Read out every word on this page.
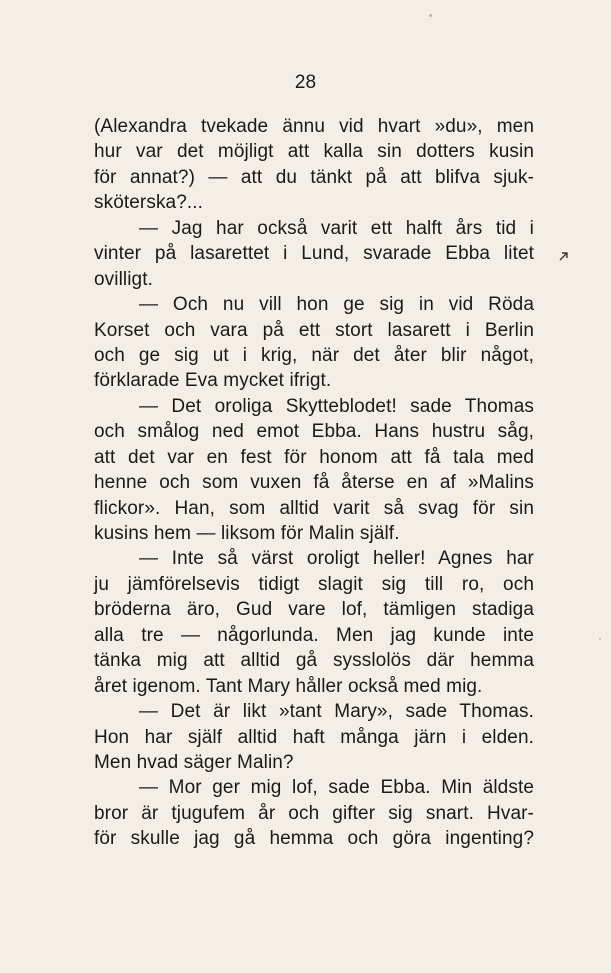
28
(Alexandra tvekade ännu vid hvart »du», men
hur var det möjligt att kalla sin dotters kusin
för annat?) — att du tänkt på att blifva sjuk-
sköterska?...
— Jag har också varit ett halft års tid i
vinter på lasarettet i Lund, svarade Ebba litet
ovilligt.
— Och nu vill hon ge sig in vid Röda
Korset och vara på ett stort lasarett i Berlin
och ge sig ut i krig, när det åter blir något,
förklarade Eva mycket ifrigt.
— Det oroliga Skytteblodet! sade Thomas
och smålog ned emot Ebba. Hans hustru såg,
att det var en fest för honom att få tala med
henne och som vuxen få återse en af »Malins
flickor». Han, som alltid varit så svag för sin
kusins hem — liksom för Malin själf.
— Inte så värst oroligt heller! Agnes har
ju jämförelsevis tidigt slagit sig till ro, och
bröderna äro, Gud vare lof, tämligen stadiga
alla tre — någorlunda. Men jag kunde inte
tänka mig att alltid gå sysslolös där hemma
året igenom. Tant Mary håller också med mig.
— Det är likt »tant Mary», sade Thomas.
Hon har själf alltid haft många järn i elden.
Men hvad säger Malin?
— Mor ger mig lof, sade Ebba. Min äldste
bror är tjugufem år och gifter sig snart. Hvar-
för skulle jag gå hemma och göra ingenting?
